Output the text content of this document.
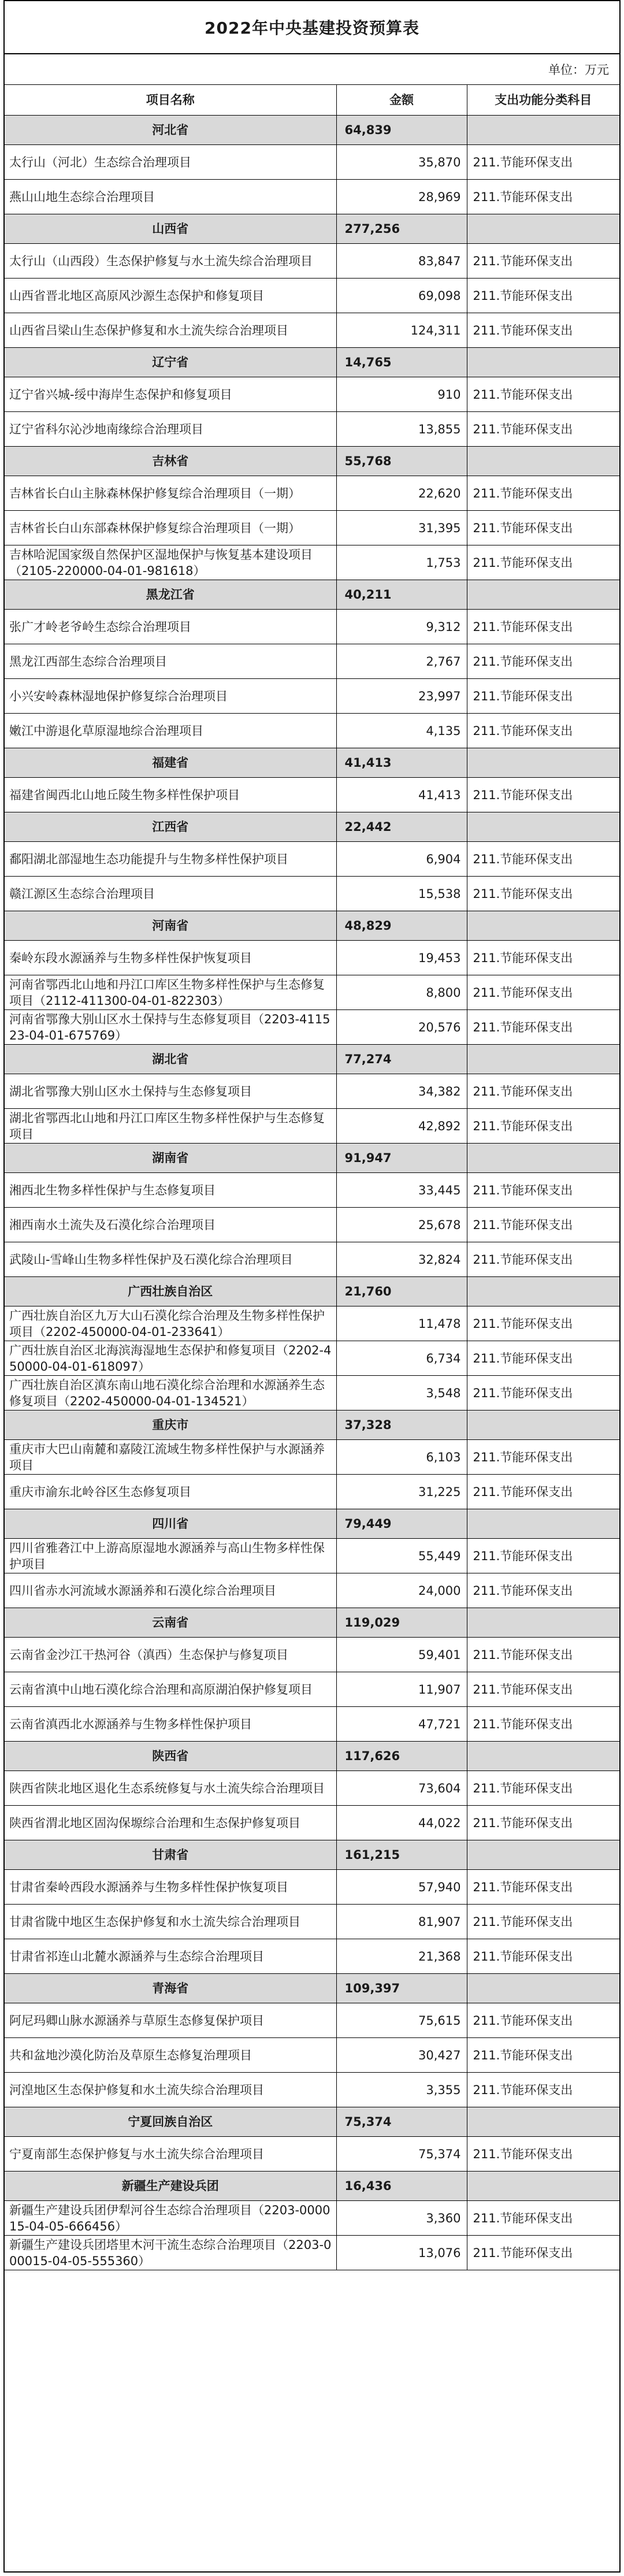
2022年中央基建投资预算表
单位：万元
项目名称	金额	支出功能分类科目
河北省	64,839	
太行山（河北）生态综合治理项目	35,870	211.节能环保支出
燕山山地生态综合治理项目	28,969	211.节能环保支出
山西省	277,256	
太行山（山西段）生态保护修复与水土流失综合治理项目	83,847	211.节能环保支出
山西省晋北地区高原风沙源生态保护和修复项目	69,098	211.节能环保支出
山西省吕梁山生态保护修复和水土流失综合治理项目	124,311	211.节能环保支出
辽宁省	14,765	
辽宁省兴城-绥中海岸生态保护和修复项目	910	211.节能环保支出
辽宁省科尔沁沙地南缘综合治理项目	13,855	211.节能环保支出
吉林省	55,768	
吉林省长白山主脉森林保护修复综合治理项目（一期）	22,620	211.节能环保支出
吉林省长白山东部森林保护修复综合治理项目（一期）	31,395	211.节能环保支出
吉林哈泥国家级自然保护区湿地保护与恢复基本建设项目（2105-220000-04-01-981618）	1,753	211.节能环保支出
黑龙江省	40,211	
张广才岭老爷岭生态综合治理项目	9,312	211.节能环保支出
黑龙江西部生态综合治理项目	2,767	211.节能环保支出
小兴安岭森林湿地保护修复综合治理项目	23,997	211.节能环保支出
嫩江中游退化草原湿地综合治理项目	4,135	211.节能环保支出
福建省	41,413	
福建省闽西北山地丘陵生物多样性保护项目	41,413	211.节能环保支出
江西省	22,442	
鄱阳湖北部湿地生态功能提升与生物多样性保护项目	6,904	211.节能环保支出
赣江源区生态综合治理项目	15,538	211.节能环保支出
河南省	48,829	
秦岭东段水源涵养与生物多样性保护恢复项目	19,453	211.节能环保支出
河南省鄂西北山地和丹江口库区生物多样性保护与生态修复项目（2112-411300-04-01-822303）	8,800	211.节能环保支出
河南省鄂豫大别山区水土保持与生态修复项目（2203-411523-04-01-675769）	20,576	211.节能环保支出
湖北省	77,274	
湖北省鄂豫大别山区水土保持与生态修复项目	34,382	211.节能环保支出
湖北省鄂西北山地和丹江口库区生物多样性保护与生态修复项目	42,892	211.节能环保支出
湖南省	91,947	
湘西北生物多样性保护与生态修复项目	33,445	211.节能环保支出
湘西南水土流失及石漠化综合治理项目	25,678	211.节能环保支出
武陵山-雪峰山生物多样性保护及石漠化综合治理项目	32,824	211.节能环保支出
广西壮族自治区	21,760	
广西壮族自治区九万大山石漠化综合治理及生物多样性保护项目（2202-450000-04-01-233641）	11,478	211.节能环保支出
广西壮族自治区北海滨海湿地生态保护和修复项目（2202-450000-04-01-618097）	6,734	211.节能环保支出
广西壮族自治区滇东南山地石漠化综合治理和水源涵养生态修复项目（2202-450000-04-01-134521）	3,548	211.节能环保支出
重庆市	37,328	
重庆市大巴山南麓和嘉陵江流域生物多样性保护与水源涵养项目	6,103	211.节能环保支出
重庆市渝东北岭谷区生态修复项目	31,225	211.节能环保支出
四川省	79,449	
四川省雅砻江中上游高原湿地水源涵养与高山生物多样性保护项目	55,449	211.节能环保支出
四川省赤水河流域水源涵养和石漠化综合治理项目	24,000	211.节能环保支出
云南省	119,029	
云南省金沙江干热河谷（滇西）生态保护与修复项目	59,401	211.节能环保支出
云南省滇中山地石漠化综合治理和高原湖泊保护修复项目	11,907	211.节能环保支出
云南省滇西北水源涵养与生物多样性保护项目	47,721	211.节能环保支出
陕西省	117,626	
陕西省陕北地区退化生态系统修复与水土流失综合治理项目	73,604	211.节能环保支出
陕西省渭北地区固沟保塬综合治理和生态保护修复项目	44,022	211.节能环保支出
甘肃省	161,215	
甘肃省秦岭西段水源涵养与生物多样性保护恢复项目	57,940	211.节能环保支出
甘肃省陇中地区生态保护修复和水土流失综合治理项目	81,907	211.节能环保支出
甘肃省祁连山北麓水源涵养与生态综合治理项目	21,368	211.节能环保支出
青海省	109,397	
阿尼玛卿山脉水源涵养与草原生态修复保护项目	75,615	211.节能环保支出
共和盆地沙漠化防治及草原生态修复治理项目	30,427	211.节能环保支出
河湟地区生态保护修复和水土流失综合治理项目	3,355	211.节能环保支出
宁夏回族自治区	75,374	
宁夏南部生态保护修复与水土流失综合治理项目	75,374	211.节能环保支出
新疆生产建设兵团	16,436	
新疆生产建设兵团伊犁河谷生态综合治理项目（2203-000015-04-05-666456）	3,360	211.节能环保支出
新疆生产建设兵团塔里木河干流生态综合治理项目（2203-000015-04-05-555360）	13,076	211.节能环保支出
